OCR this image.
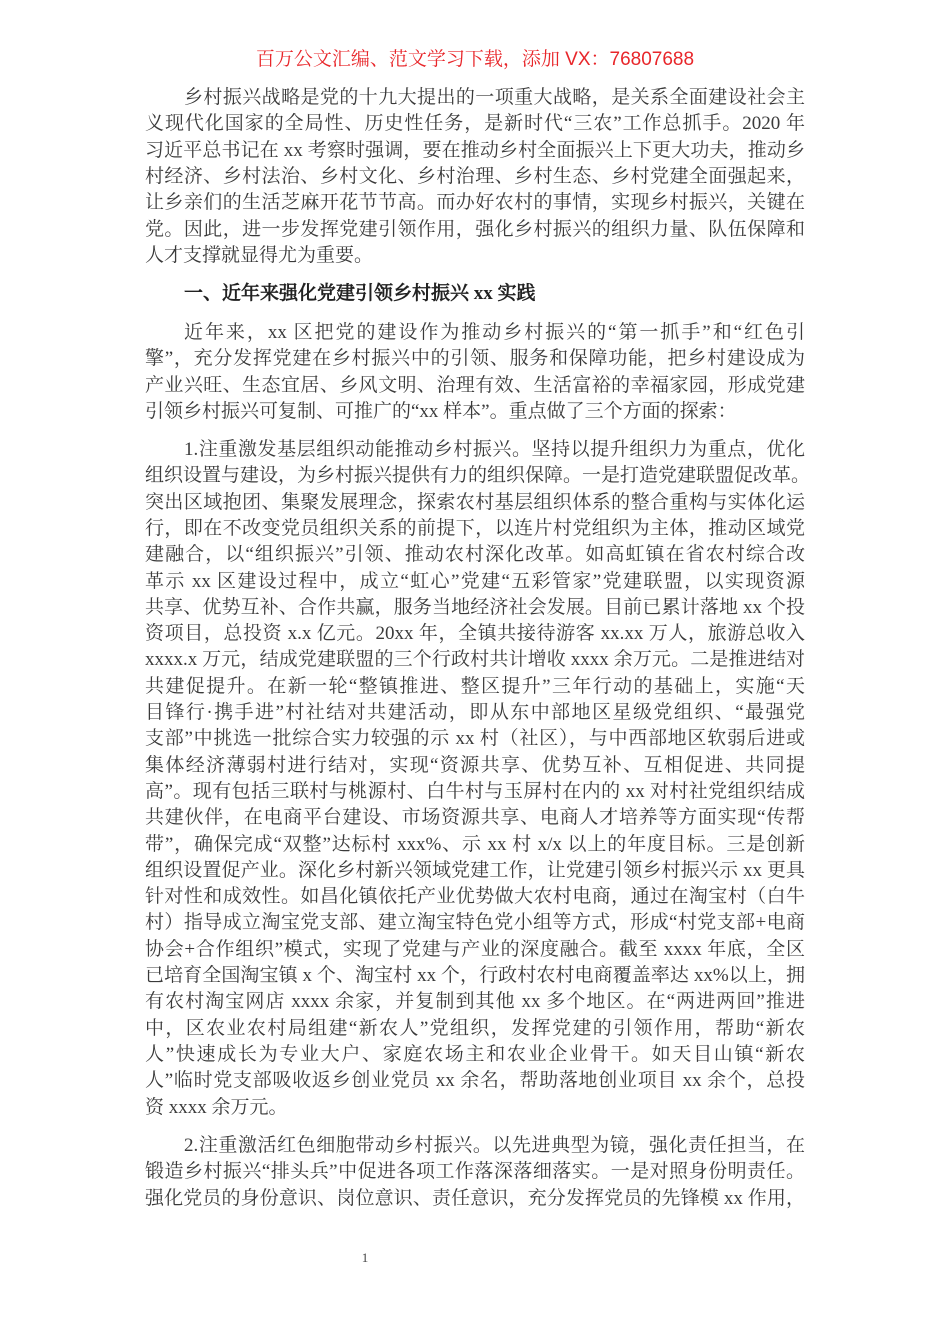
百万公文汇编、范文学习下载，添加 VX：76807688
乡村振兴战略是党的十九大提出的一项重大战略，是关系全面建设社会主
义现代化国家的全局性、历史性任务，是新时代“三农”工作总抓手。2020 年
习近平总书记在 xx 考察时强调，要在推动乡村全面振兴上下更大功夫，推动乡
村经济、乡村法治、乡村文化、乡村治理、乡村生态、乡村党建全面强起来，
让乡亲们的生活芝麻开花节节高。而办好农村的事情，实现乡村振兴，关键在
党。因此，进一步发挥党建引领作用，强化乡村振兴的组织力量、队伍保障和
人才支撑就显得尤为重要。
一、近年来强化党建引领乡村振兴 xx 实践
近年来，xx 区把党的建设作为推动乡村振兴的“第一抓手”和“红色引
擎”，充分发挥党建在乡村振兴中的引领、服务和保障功能，把乡村建设成为
产业兴旺、生态宜居、乡风文明、治理有效、生活富裕的幸福家园，形成党建
引领乡村振兴可复制、可推广的“xx 样本”。重点做了三个方面的探索：
1.注重激发基层组织动能推动乡村振兴。坚持以提升组织力为重点，优化
组织设置与建设，为乡村振兴提供有力的组织保障。一是打造党建联盟促改革。
突出区域抱团、集聚发展理念，探索农村基层组织体系的整合重构与实体化运
行，即在不改变党员组织关系的前提下，以连片村党组织为主体，推动区域党
建融合，以“组织振兴”引领、推动农村深化改革。如高虹镇在省农村综合改
革示 xx 区建设过程中，成立“虹心”党建“五彩管家”党建联盟，以实现资源
共享、优势互补、合作共赢，服务当地经济社会发展。目前已累计落地 xx 个投
资项目，总投资 x.x 亿元。20xx 年，全镇共接待游客 xx.xx 万人，旅游总收入
xxxx.x 万元，结成党建联盟的三个行政村共计增收 xxxx 余万元。二是推进结对
共建促提升。在新一轮“整镇推进、整区提升”三年行动的基础上，实施“天
目锋行·携手进”村社结对共建活动，即从东中部地区星级党组织、“最强党
支部”中挑选一批综合实力较强的示 xx 村（社区），与中西部地区软弱后进或
集体经济薄弱村进行结对，实现“资源共享、优势互补、互相促进、共同提
高”。现有包括三联村与桃源村、白牛村与玉屏村在内的 xx 对村社党组织结成
共建伙伴，在电商平台建设、市场资源共享、电商人才培养等方面实现“传帮
带”，确保完成“双整”达标村 xxx%、示 xx 村 x/x 以上的年度目标。三是创新
组织设置促产业。深化乡村新兴领域党建工作，让党建引领乡村振兴示 xx 更具
针对性和成效性。如昌化镇依托产业优势做大农村电商，通过在淘宝村（白牛
村）指导成立淘宝党支部、建立淘宝特色党小组等方式，形成“村党支部+电商
协会+合作组织”模式，实现了党建与产业的深度融合。截至 xxxx 年底，全区
已培育全国淘宝镇 x 个、淘宝村 xx 个，行政村农村电商覆盖率达 xx%以上，拥
有农村淘宝网店 xxxx 余家，并复制到其他 xx 多个地区。在“两进两回”推进
中，区农业农村局组建“新农人”党组织，发挥党建的引领作用，帮助“新农
人”快速成长为专业大户、家庭农场主和农业企业骨干。如天目山镇“新农
人”临时党支部吸收返乡创业党员 xx 余名，帮助落地创业项目 xx 余个，总投
资 xxxx 余万元。
2.注重激活红色细胞带动乡村振兴。以先进典型为镜，强化责任担当，在
锻造乡村振兴“排头兵”中促进各项工作落深落细落实。一是对照身份明责任。
强化党员的身份意识、岗位意识、责任意识，充分发挥党员的先锋模 xx 作用，
1
